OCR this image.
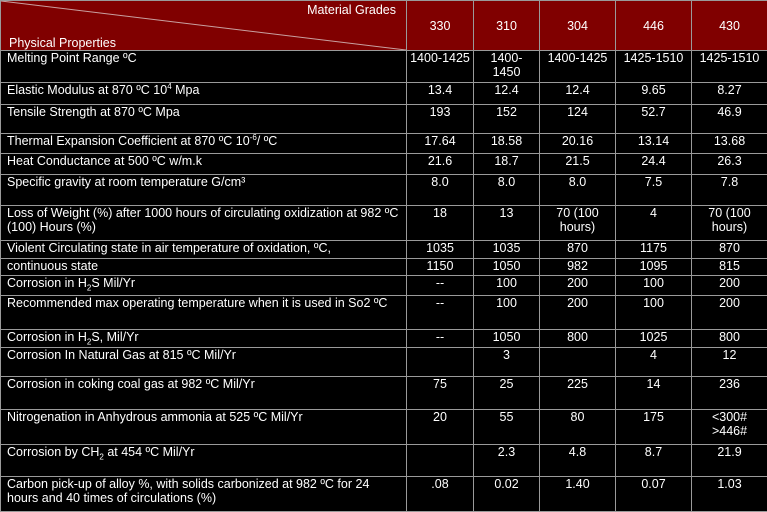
Material Grades
Physical Properties	330	310	304	446	430
Melting Point Range ºC	1400-1425	1400-1450	1400-1425	1425-1510	1425-1510
Elastic Modulus at 870 ºC $10^4$ Mpa	13.4	12.4	12.4	9.65	8.27
Tensile Strength at 870 ºC Mpa	193	152	124	52.7	46.9
Thermal Expansion Coefficient at 870 ºC $10^{-6}/$ ºC	17.64	18.58	20.16	13.14	13.68
Heat Conductance at 500 ºC w/m.k	21.6	18.7	21.5	24.4	26.3
Specific gravity at room temperature G/cm³	8.0	8.0	8.0	7.5	7.8
Loss of Weight (%) after 1000 hours of circulating oxidization at 982 ºC (100) Hours (%)	18	13	70 (100 hours)	4	70 (100 hours)
Violent Circulating state in air temperature of oxidation, ºC,	1035	1035	870	1175	870
continuous state	1150	1050	982	1095	815
Corrosion in $H_2S$ Mil/Yr	--	100	200	100	200
Recommended max operating temperature when it is used in So2 ºC	--	100	200	100	200
Corrosion in $H_2S$, Mil/Yr	--	1050	800	1025	800
Corrosion In Natural Gas at 815 ºC Mil/Yr		3		4	12
Corrosion in coking coal gas at 982 ºC Mil/Yr	75	25	225	14	236
Nitrogenation in Anhydrous ammonia at 525 ºC Mil/Yr	20	55	80	175	<300# >446#
Corrosion by $CH_2$ at 454 ºC Mil/Yr		2.3	4.8	8.7	21.9
Carbon pick-up of alloy %, with solids carbonized at 982 ºC for 24 hours and 40 times of circulations (%)	.08	0.02	1.40	0.07	1.03
